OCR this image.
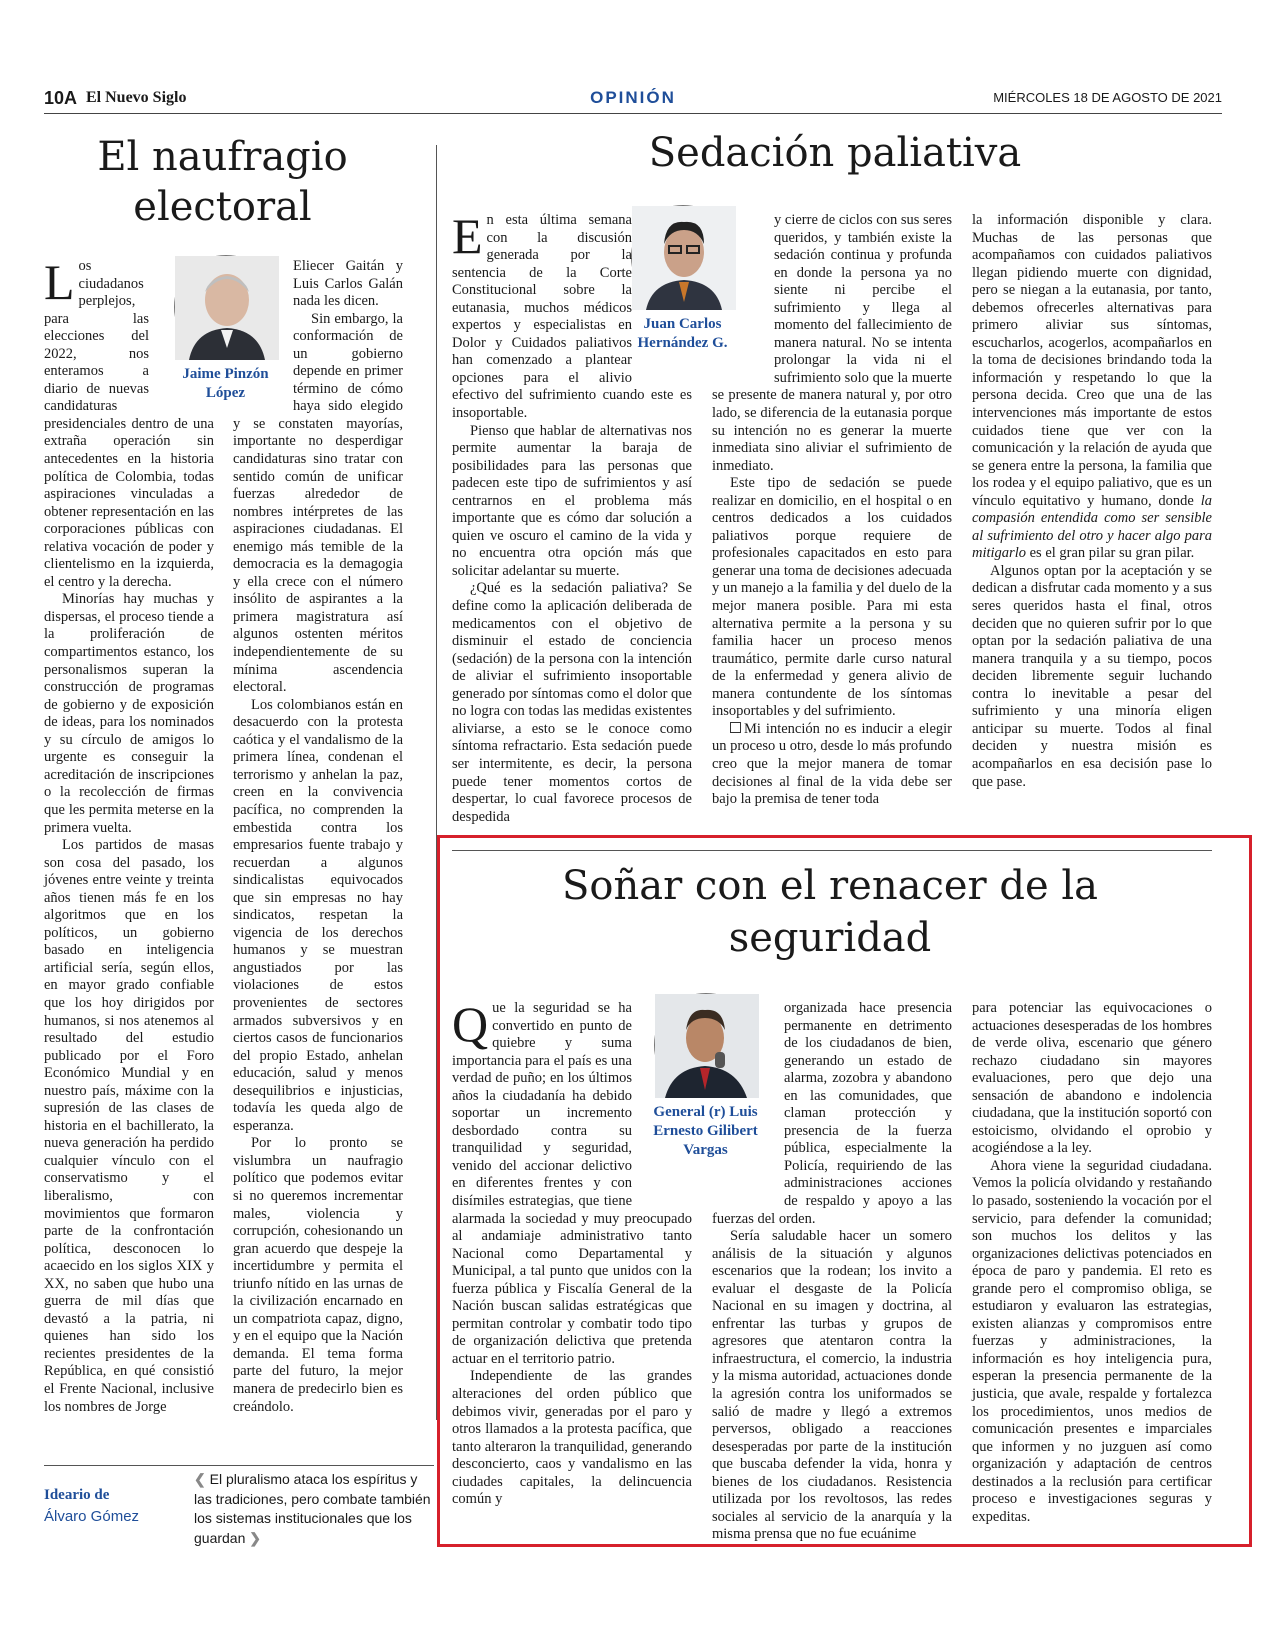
10A El Nuevo Siglo	OPINIÓN	MIÉRCOLES 18 DE AGOSTO DE 2021
El naufragio electoral
Jaime Pinzón López

Los ciudadanos perplejos, para las elecciones del 2022, nos enteramos a diario de nuevas candidaturas presidenciales dentro de una extraña operación sin antecedentes en la historia política de Colombia, todas aspiraciones vinculadas a obtener representación en las corporaciones públicas con relativa vocación de poder y clientelismo en la izquierda, el centro y la derecha.

Minorías hay muchas y dispersas, el proceso tiende a la proliferación de compartimentos estanco, los personalismos superan la construcción de programas de gobierno y de exposición de ideas, para los nominados y su círculo de amigos lo urgente es conseguir la acreditación de inscripciones o la recolección de firmas que les permita meterse en la primera vuelta.

Los partidos de masas son cosa del pasado, los jóvenes entre veinte y treinta años tienen más fe en los algoritmos que en los políticos, un gobierno basado en inteligencia artificial sería, según ellos, en mayor grado confiable que los hoy dirigidos por humanos, si nos atenemos al resultado del estudio publicado por el Foro Económico Mundial y en nuestro país, máxime con la supresión de las clases de historia en el bachillerato, la nueva generación ha perdido cualquier vínculo con el conservatismo y el liberalismo, con movimientos que formaron parte de la confrontación política, desconocen lo acaecido en los siglos XIX y XX, no saben que hubo una guerra de mil días que devastó a la patria, ni quienes han sido los recientes presidentes de la República, en qué consistió el Frente Nacional, inclusive los nombres de Jorge

Eliecer Gaitán y Luis Carlos Galán nada les dicen.

Sin embargo, la conformación de un gobierno depende en primer término de cómo haya sido elegido y se constaten mayorías, importante no desperdigar candidaturas sino tratar con sentido común de unificar fuerzas alrededor de nombres intérpretes de las aspiraciones ciudadanas. El enemigo más temible de la democracia es la demagogia y ella crece con el número insólito de aspirantes a la primera magistratura así algunos ostenten méritos independientemente de su mínima ascendencia electoral.

Los colombianos están en desacuerdo con la protesta caótica y el vandalismo de la primera línea, condenan el terrorismo y anhelan la paz, creen en la convivencia pacífica, no comprenden la embestida contra los empresarios fuente trabajo y recuerdan a algunos sindicalistas equivocados que sin empresas no hay sindicatos, respetan la vigencia de los derechos humanos y se muestran angustiados por las violaciones de estos provenientes de sectores armados subversivos y en ciertos casos de funcionarios del propio Estado, anhelan educación, salud y menos desequilibrios e injusticias, todavía les queda algo de esperanza.

Por lo pronto se vislumbra un naufragio político que podemos evitar si no queremos incrementar males, violencia y corrupción, cohesionando un gran acuerdo que despeje la incertidumbre y permita el triunfo nítido en las urnas de la civilización encarnado en un compatriota capaz, digno, y en el equipo que la Nación demanda. El tema forma parte del futuro, la mejor manera de predecirlo bien es creándolo.

Sedación paliativa
Juan Carlos Hernández G.

En esta última semana con la discusión generada por la sentencia de la Corte Constitucional sobre la eutanasia, muchos médicos expertos y especialistas en Dolor y Cuidados paliativos han comenzado a plantear opciones para el alivio efectivo del sufrimiento cuando este es insoportable.

Pienso que hablar de alternativas nos permite aumentar la baraja de posibilidades para las personas que padecen este tipo de sufrimientos y así centrarnos en el problema más importante que es cómo dar solución a quien ve oscuro el camino de la vida y no encuentra otra opción más que solicitar adelantar su muerte.

¿Qué es la sedación paliativa? Se define como la aplicación deliberada de medicamentos con el objetivo de disminuir el estado de conciencia (sedación) de la persona con la intención de aliviar el sufrimiento insoportable generado por síntomas como el dolor que no logra con todas las medidas existentes aliviarse, a esto se le conoce como síntoma refractario. Esta sedación puede ser intermitente, es decir, la persona puede tener momentos cortos de despertar, lo cual favorece procesos de despedida

y cierre de ciclos con sus seres queridos, y también existe la sedación continua y profunda en donde la persona ya no siente ni percibe el sufrimiento y llega al momento del fallecimiento de manera natural. No se intenta prolongar la vida ni el sufrimiento solo que la muerte se presente de manera natural y, por otro lado, se diferencia de la eutanasia porque su intención no es generar la muerte inmediata sino aliviar el sufrimiento de inmediato.

Este tipo de sedación se puede realizar en domicilio, en el hospital o en centros dedicados a los cuidados paliativos porque requiere de profesionales capacitados en esto para generar una toma de decisiones adecuada y un manejo a la familia y del duelo de la mejor manera posible. Para mi esta alternativa permite a la persona y su familia hacer un proceso menos traumático, permite darle curso natural de la enfermedad y genera alivio de manera contundente de los síntomas insoportables y del sufrimiento.

Mi intención no es inducir a elegir un proceso u otro, desde lo más profundo creo que la mejor manera de tomar decisiones al final de la vida debe ser bajo la premisa de tener toda

la información disponible y clara. Muchas de las personas que acompañamos con cuidados paliativos llegan pidiendo muerte con dignidad, pero se niegan a la eutanasia, por tanto, debemos ofrecerles alternativas para primero aliviar sus síntomas, escucharlos, acogerlos, acompañarlos en la toma de decisiones brindando toda la información y respetando lo que la persona decida. Creo que una de las intervenciones más importante de estos cuidados tiene que ver con la comunicación y la relación de ayuda que se genera entre la persona, la familia que los rodea y el equipo paliativo, que es un vínculo equitativo y humano, donde la compasión entendida como ser sensible al sufrimiento del otro y hacer algo para mitigarlo es el gran pilar su gran pilar.

Algunos optan por la aceptación y se dedican a disfrutar cada momento y a sus seres queridos hasta el final, otros deciden que no quieren sufrir por lo que optan por la sedación paliativa de una manera tranquila y a su tiempo, pocos deciden libremente seguir luchando contra lo inevitable a pesar del sufrimiento y una minoría eligen anticipar su muerte. Todos al final deciden y nuestra misión es acompañarlos en esa decisión pase lo que pase.

Soñar con el renacer de la seguridad
General (r) Luis Ernesto Gilibert Vargas

Que la seguridad se ha convertido en punto de quiebre y suma importancia para el país es una verdad de puño; en los últimos años la ciudadanía ha debido soportar un incremento desbordado contra su tranquilidad y seguridad, venido del accionar delictivo en diferentes frentes y con disímiles estrategias, que tiene alarmada la sociedad y muy preocupado al andamiaje administrativo tanto Nacional como Departamental y Municipal, a tal punto que unidos con la fuerza pública y Fiscalía General de la Nación buscan salidas estratégicas que permitan controlar y combatir todo tipo de organización delictiva que pretenda actuar en el territorio patrio.

Independiente de las grandes alteraciones del orden público que debimos vivir, generadas por el paro y otros llamados a la protesta pacífica, que tanto alteraron la tranquilidad, generando desconcierto, caos y vandalismo en las ciudades capitales, la delincuencia común y

organizada hace presencia permanente en detrimento de los ciudadanos de bien, generando un estado de alarma, zozobra y abandono en las comunidades, que claman protección y presencia de la fuerza pública, especialmente la Policía, requiriendo de las administraciones acciones de respaldo y apoyo a las fuerzas del orden.

Sería saludable hacer un somero análisis de la situación y algunos escenarios que la rodean; los invito a evaluar el desgaste de la Policía Nacional en su imagen y doctrina, al enfrentar las turbas y grupos de agresores que atentaron contra la infraestructura, el comercio, la industria y la misma autoridad, actuaciones donde la agresión contra los uniformados se salió de madre y llegó a extremos perversos, obligado a reacciones desesperadas por parte de la institución que buscaba defender la vida, honra y bienes de los ciudadanos. Resistencia utilizada por los revoltosos, las redes sociales al servicio de la anarquía y la misma prensa que no fue ecuánime

para potenciar las equivocaciones o actuaciones desesperadas de los hombres de verde oliva, escenario que género rechazo ciudadano sin mayores evaluaciones, pero que dejo una sensación de abandono e indolencia ciudadana, que la institución soportó con estoicismo, olvidando el oprobio y acogiéndose a la ley.

Ahora viene la seguridad ciudadana. Vemos la policía olvidando y restañando lo pasado, sosteniendo la vocación por el servicio, para defender la comunidad; son muchos los delitos y las organizaciones delictivas potenciados en época de paro y pandemia. El reto es grande pero el compromiso obliga, se estudiaron y evaluaron las estrategias, existen alianzas y compromisos entre fuerzas y administraciones, la información es hoy inteligencia pura, esperan la presencia permanente de la justicia, que avale, respalde y fortalezca los procedimientos, unos medios de comunicación presentes e imparciales que informen y no juzguen así como organización y adaptación de centros destinados a la reclusión para certificar proceso e investigaciones seguras y expeditas.

Ideario de
Álvaro Gómez
❮ El pluralismo ataca los espíritus y las tradiciones, pero combate también los sistemas institucionales que los guardan ❯
